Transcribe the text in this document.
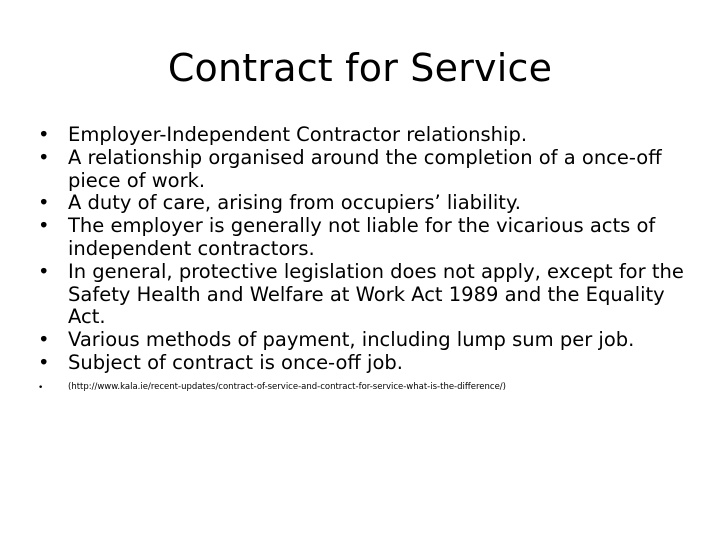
Contract for Service
• Employer-Independent Contractor relationship.
• A relationship organised around the completion of a once-off piece of work.
• A duty of care, arising from occupiers’ liability.
• The employer is generally not liable for the vicarious acts of independent contractors.
• In general, protective legislation does not apply, except for the Safety Health and Welfare at Work Act 1989 and the Equality Act.
• Various methods of payment, including lump sum per job.
• Subject of contract is once-off job.
•	(http://www.kala.ie/recent-updates/contract-of-service-and-contract-for-service-what-is-the-difference/)
